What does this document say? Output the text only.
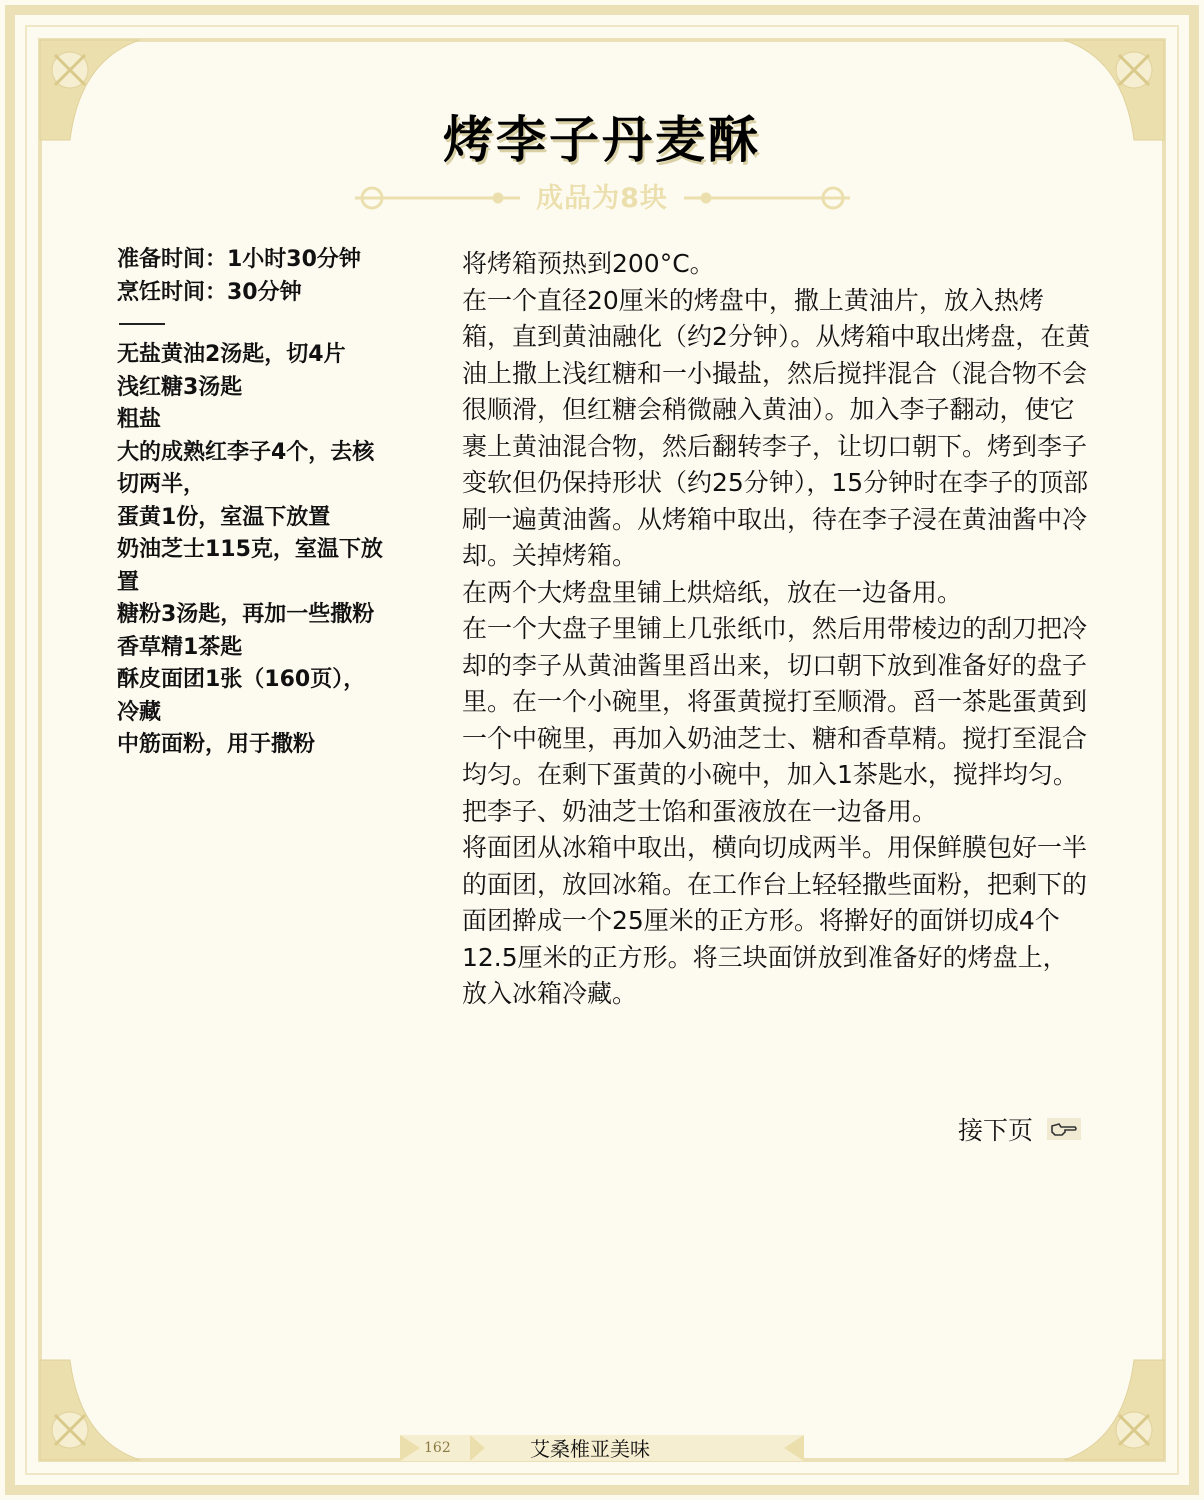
烤李子丹麦酥
成品为8块
准备时间：1小时30分钟
烹饪时间：30分钟
无盐黄油2汤匙，切4片
浅红糖3汤匙
粗盐
大的成熟红李子4个，去核切两半，
蛋黄1份，室温下放置
奶油芝士115克，室温下放置
糖粉3汤匙，再加一些撒粉
香草精1茶匙
酥皮面团1张（160页），冷藏
中筋面粉，用于撒粉

将烤箱预热到200°C。

在一个直径20厘米的烤盘中，撒上黄油片，放入热烤箱，直到黄油融化（约2分钟）。从烤箱中取出烤盘，在黄油上撒上浅红糖和一小撮盐，然后搅拌混合（混合物不会很顺滑，但红糖会稍微融入黄油）。加入李子翻动，使它裹上黄油混合物，然后翻转李子，让切口朝下。烤到李子变软但仍保持形状（约25分钟），15分钟时在李子的顶部刷一遍黄油酱。从烤箱中取出，待在李子浸在黄油酱中冷却。关掉烤箱。

在两个大烤盘里铺上烘焙纸，放在一边备用。

在一个大盘子里铺上几张纸巾，然后用带棱边的刮刀把冷却的李子从黄油酱里舀出来，切口朝下放到准备好的盘子里。在一个小碗里，将蛋黄搅打至顺滑。舀一茶匙蛋黄到一个中碗里，再加入奶油芝士、糖和香草精。搅打至混合均匀。在剩下蛋黄的小碗中，加入1茶匙水，搅拌均匀。把李子、奶油芝士馅和蛋液放在一边备用。

将面团从冰箱中取出，横向切成两半。用保鲜膜包好一半的面团，放回冰箱。在工作台上轻轻撒些面粉，把剩下的面团擀成一个25厘米的正方形。将擀好的面饼切成4个12.5厘米的正方形。将三块面饼放到准备好的烤盘上，放入冰箱冷藏。

接下页
162	艾桑椎亚美味
